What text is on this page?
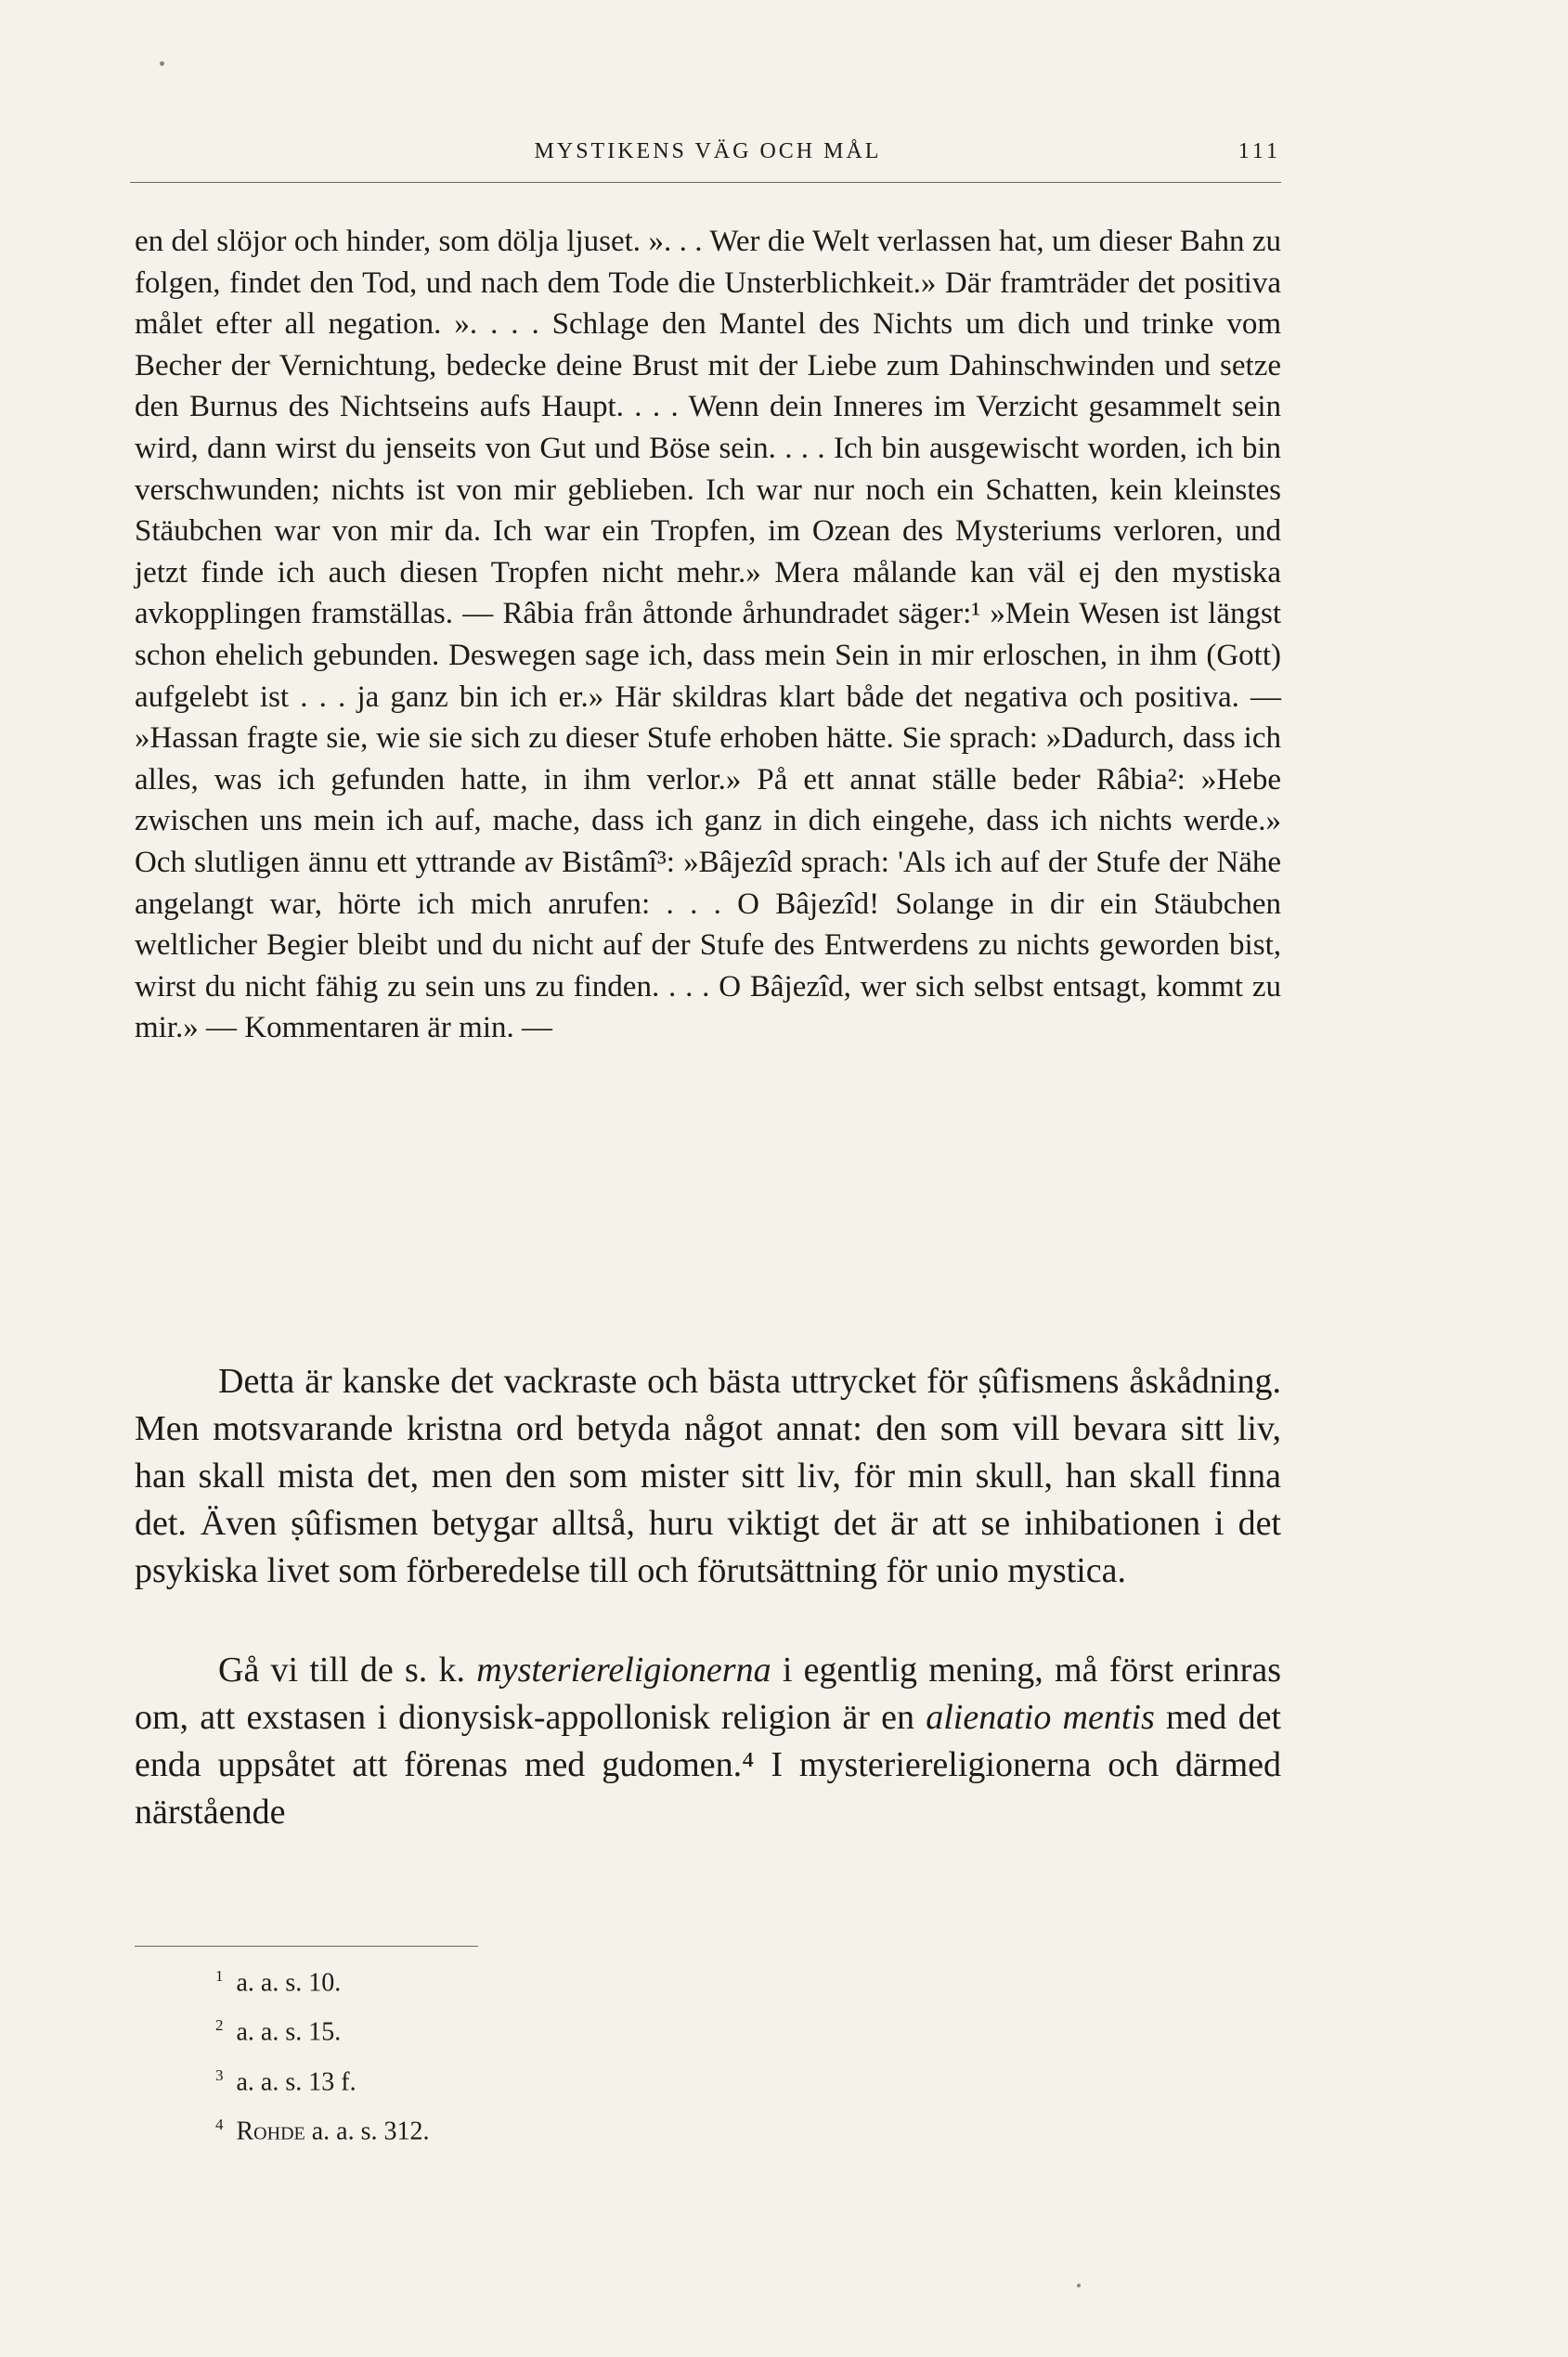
MYSTIKENS VÄG OCH MÅL	111

en del slöjor och hinder, som dölja ljuset. ». . . Wer die Welt verlassen hat, um dieser Bahn zu folgen, findet den Tod, und nach dem Tode die Unsterblichkeit.» Där framträder det positiva målet efter all negation. ». . . . Schlage den Mantel des Nichts um dich und trinke vom Becher der Vernichtung, bedecke deine Brust mit der Liebe zum Dahinschwinden und setze den Burnus des Nichtseins aufs Haupt. . . . Wenn dein Inneres im Verzicht gesammelt sein wird, dann wirst du jenseits von Gut und Böse sein. . . . Ich bin ausgewischt worden, ich bin verschwunden; nichts ist von mir geblieben. Ich war nur noch ein Schatten, kein kleinstes Stäubchen war von mir da. Ich war ein Tropfen, im Ozean des Mysteriums verloren, und jetzt finde ich auch diesen Tropfen nicht mehr.» Mera målande kan väl ej den mystiska avkopplingen framställas. — Râbia från åttonde århundradet säger:¹ »Mein Wesen ist längst schon ehelich gebunden. Deswegen sage ich, dass mein Sein in mir erloschen, in ihm (Gott) aufgelebt ist . . . ja ganz bin ich er.» Här skildras klart både det negativa och positiva. — »Hassan fragte sie, wie sie sich zu dieser Stufe erhoben hätte. Sie sprach: »Dadurch, dass ich alles, was ich gefunden hatte, in ihm verlor.» På ett annat ställe beder Râbia²: »Hebe zwischen uns mein ich auf, mache, dass ich ganz in dich eingehe, dass ich nichts werde.» Och slutligen ännu ett yttrande av Bistâmî³: »Bâjezîd sprach: 'Als ich auf der Stufe der Nähe angelangt war, hörte ich mich anrufen: . . . O Bâjezîd! Solange in dir ein Stäubchen weltlicher Begier bleibt und du nicht auf der Stufe des Entwerdens zu nichts geworden bist, wirst du nicht fähig zu sein uns zu finden. . . . O Bâjezîd, wer sich selbst entsagt, kommt zu mir.» — Kommentaren är min. —

Detta är kanske det vackraste och bästa uttrycket för ṣûfismens åskådning. Men motsvarande kristna ord betyda något annat: den som vill bevara sitt liv, han skall mista det, men den som mister sitt liv, för min skull, han skall finna det. Även ṣûfismen betygar alltså, huru viktigt det är att se inhibationen i det psykiska livet som förberedelse till och förutsättning för unio mystica.

Gå vi till de s. k. mysteriereligionerna i egentlig mening, må först erinras om, att exstasen i dionysisk-appollonisk religion är en alienatio mentis med det enda uppsåtet att förenas med gudomen.⁴ I mysteriereligionerna och därmed närstående

$^1$ a. a. s. 10.
$^2$ a. a. s. 15.
$^3$ a. a. s. 13 f.
$^4$ Rohde a. a. s. 312.
